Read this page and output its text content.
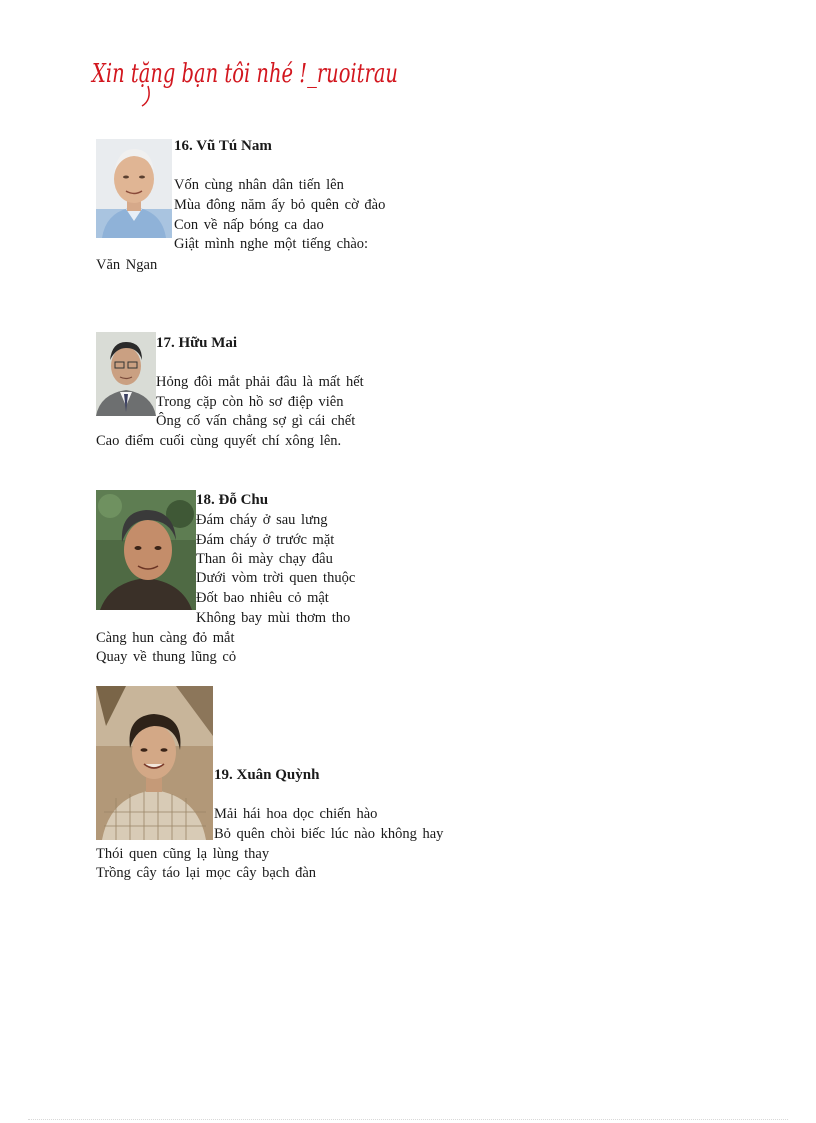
Xin tặng bạn tôi nhé !_ruoitrau
16. Vũ Tú Nam
Vốn cùng nhân dân tiến lên
Mùa đông năm ấy bỏ quên cờ đào
Con về nấp bóng ca dao
Giật mình nghe một tiếng chào:
Văn Ngan
17. Hữu Mai
Hỏng đôi mắt phải đâu là mất hết
Trong cặp còn hồ sơ điệp viên
Ông cố vấn chẳng sợ gì cái chết
Cao điểm cuối cùng quyết chí xông lên.
18. Đỗ Chu
Đám cháy ở sau lưng
Đám cháy ở trước mặt
Than ôi mày chạy đâu
Dưới vòm trời quen thuộc
Đốt bao nhiêu cỏ mật
Không bay mùi thơm tho
Càng hun càng đỏ mắt
Quay về thung lũng cỏ
19. Xuân Quỳnh
Mải hái hoa dọc chiến hào
Bỏ quên chòi biếc lúc nào không hay
Thói quen cũng lạ lùng thay
Trồng cây táo lại mọc cây bạch đàn
